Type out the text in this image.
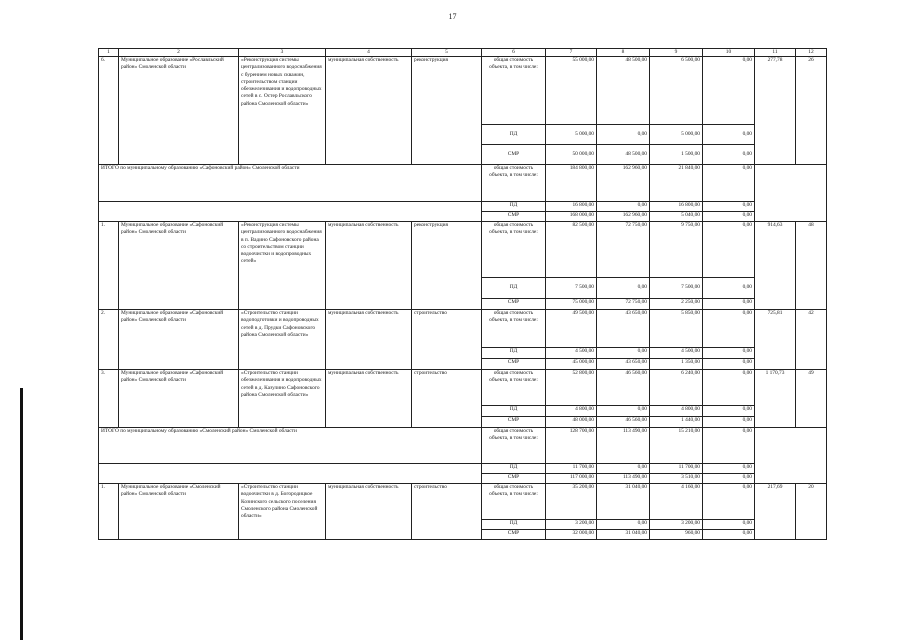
17
1	2	3	4	5	6	7	8	9	10	11	12
6.	Муниципальное образование «Рославльский район» Смоленской области	«Реконструкция системы централизованного водоснабжения с бурением новых скважин, строительством станции обезжелезивания и водопроводных сетей в с. Остер Рославльского района Смоленской области»	муниципальная собственность	реконструкция	общая стоимость объекта, в том числе:	55 000,00	48 500,00	6 500,00	0,00	277,78	26
					ПД	5 000,00	0,00	5 000,00	0,00		
					СМР	50 000,00	48 500,00	1 500,00	0,00		
ИТОГО по муниципальному образованию «Сафоновский район» Смоленской области					общая стоимость объекта, в том числе:	184 800,00	162 960,00	21 840,00	0,00		
					ПД	16 800,00	0,00	16 800,00	0,00		
					СМР	168 000,00	162 960,00	5 040,00	0,00		
1.	Муниципальное образование «Сафоновский район» Смоленской области	«Реконструкция системы централизованного водоснабжения в п. Вадино Сафоновского района со строительством станции водоочистки и водопроводных сетей»	муниципальная собственность	реконструкция	общая стоимость объекта, в том числе:	82 500,00	72 750,00	9 750,00	0,00	914,63	48
					ПД	7 500,00	0,00	7 500,00	0,00		
					СМР	75 000,00	72 750,00	2 250,00	0,00		
2.	Муниципальное образование «Сафоновский район» Смоленской области	«Строительство станции водоподготовки и водопроводных сетей в д. Прудки Сафоновского района Смоленской области»	муниципальная собственность	строительство	общая стоимость объекта, в том числе:	49 500,00	43 650,00	5 850,00	0,00	725,81	42
					ПД	4 500,00	0,00	4 500,00	0,00		
					СМР	45 000,00	43 650,00	1 350,00	0,00		
3.	Муниципальное образование «Сафоновский район» Смоленской области	«Строительство станции обезжелезивания и водопроводных сетей в д. Казулино Сафоновского района Смоленской области»	муниципальная собственность	строительство	общая стоимость объекта, в том числе:	52 800,00	46 560,00	6 240,00	0,00	1 170,73	49
					ПД	4 800,00	0,00	4 800,00	0,00		
					СМР	48 000,00	46 560,00	1 440,00	0,00		
ИТОГО по муниципальному образованию «Смоленский район» Смоленской области					общая стоимость объекта, в том числе:	128 700,00	113 490,00	15 210,00	0,00		
					ПД	11 700,00	0,00	11 700,00	0,00		
					СМР	117 000,00	113 490,00	3 510,00	0,00		
1.	Муниципальное образование «Смоленский район» Смоленской области	«Строительство станции водоочистки в д. Богородицкое Козинского сельского поселения Смоленского района Смоленской области»	муниципальная собственность	строительство	общая стоимость объекта, в том числе:	35 200,00	31 040,00	4 160,00	0,00	217,69	20
					ПД	3 200,00	0,00	3 200,00	0,00		
					СМР	32 000,00	31 040,00	960,00	0,00		
